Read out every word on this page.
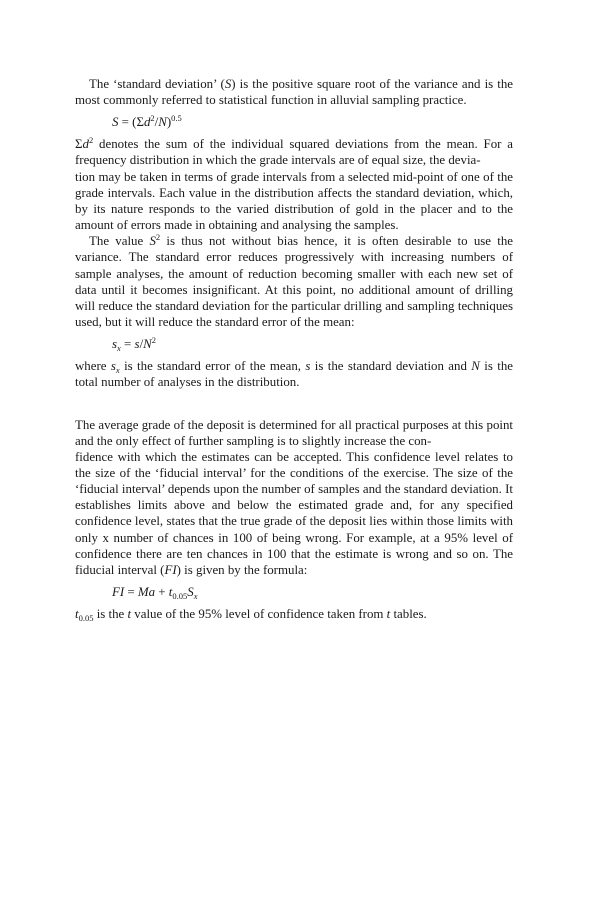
The ‘standard deviation’ (S) is the positive square root of the variance and is the most commonly referred to statistical function in alluvial sampling practice.

$S = (\Sigma d^2/N)^{0.5}$

$\Sigma d^2$ denotes the sum of the individual squared deviations from the mean. For a frequency distribution in which the grade intervals are of equal size, the devia-
tion may be taken in terms of grade intervals from a selected mid-point of one of the grade intervals. Each value in the distribution affects the standard deviation, which, by its nature responds to the varied distribution of gold in the placer and to the amount of errors made in obtaining and analysing the samples.

The value $S^2$ is thus not without bias hence, it is often desirable to use the variance. The standard error reduces progressively with increasing numbers of sample analyses, the amount of reduction becoming smaller with each new set of data until it becomes insignificant. At this point, no additional amount of drilling will reduce the standard deviation for the particular drilling and sampling techniques used, but it will reduce the standard error of the mean:

$s_x = s/N^2$

where $s_x$ is the standard error of the mean, s is the standard deviation and N is the total number of analyses in the distribution.

The average grade of the deposit is determined for all practical purposes at this point and the only effect of further sampling is to slightly increase the con-
fidence with which the estimates can be accepted. This confidence level relates to the size of the ‘fiducial interval’ for the conditions of the exercise. The size of the ‘fiducial interval’ depends upon the number of samples and the standard deviation. It establishes limits above and below the estimated grade and, for any specified confidence level, states that the true grade of the deposit lies within those limits with only x number of chances in 100 of being wrong. For example, at a 95% level of confidence there are ten chances in 100 that the estimate is wrong and so on. The fiducial interval (FI) is given by the formula:

FI = $Ma + t_{0.05}S_x$

$t_{0.05}$ is the t value of the 95% level of confidence taken from t tables.
